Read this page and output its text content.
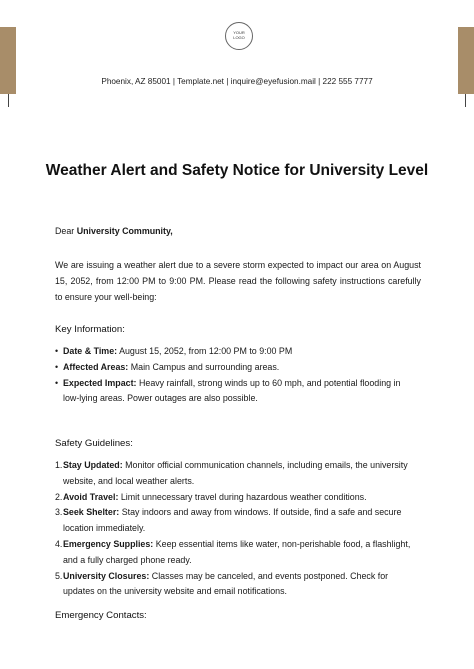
YOUR
LOGO
Phoenix, AZ 85001 | Template.net | inquire@eyefusion.mail | 222 555 7777
Weather Alert and Safety Notice for University Level
Dear University Community,
We are issuing a weather alert due to a severe storm expected to impact our area on August 15, 2052, from 12:00 PM to 9:00 PM. Please read the following safety instructions carefully to ensure your well-being:
Key Information:
• Date & Time: August 15, 2052, from 12:00 PM to 9:00 PM
• Affected Areas: Main Campus and surrounding areas.
• Expected Impact: Heavy rainfall, strong winds up to 60 mph, and potential flooding in low-lying areas. Power outages are also possible.
Safety Guidelines:
1. Stay Updated: Monitor official communication channels, including emails, the university website, and local weather alerts.
2. Avoid Travel: Limit unnecessary travel during hazardous weather conditions.
3. Seek Shelter: Stay indoors and away from windows. If outside, find a safe and secure location immediately.
4. Emergency Supplies: Keep essential items like water, non-perishable food, a flashlight, and a fully charged phone ready.
5. University Closures: Classes may be canceled, and events postponed. Check for updates on the university website and email notifications.
Emergency Contacts:
